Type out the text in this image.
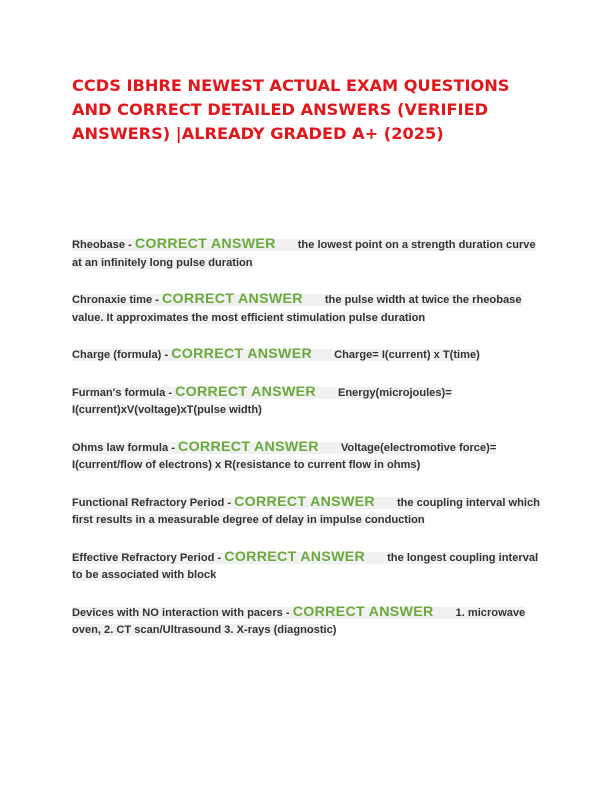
CCDS IBHRE NEWEST ACTUAL EXAM QUESTIONS AND CORRECT DETAILED ANSWERS (VERIFIED ANSWERS) |ALREADY GRADED A+ (2025)

Rheobase - CORRECT ANSWER the lowest point on a strength duration curve at an infinitely long pulse duration

Chronaxie time - CORRECT ANSWER the pulse width at twice the rheobase value. It approximates the most efficient stimulation pulse duration

Charge (formula) - CORRECT ANSWER Charge= I(current) x T(time)

Furman's formula - CORRECT ANSWER Energy(microjoules)= I(current)xV(voltage)xT(pulse width)

Ohms law formula - CORRECT ANSWER Voltage(electromotive force)= I(current/flow of electrons) x R(resistance to current flow in ohms)

Functional Refractory Period - CORRECT ANSWER the coupling interval which first results in a measurable degree of delay in impulse conduction

Effective Refractory Period - CORRECT ANSWER the longest coupling interval to be associated with block

Devices with NO interaction with pacers - CORRECT ANSWER 1. microwave oven, 2. CT scan/Ultrasound 3. X-rays (diagnostic)
